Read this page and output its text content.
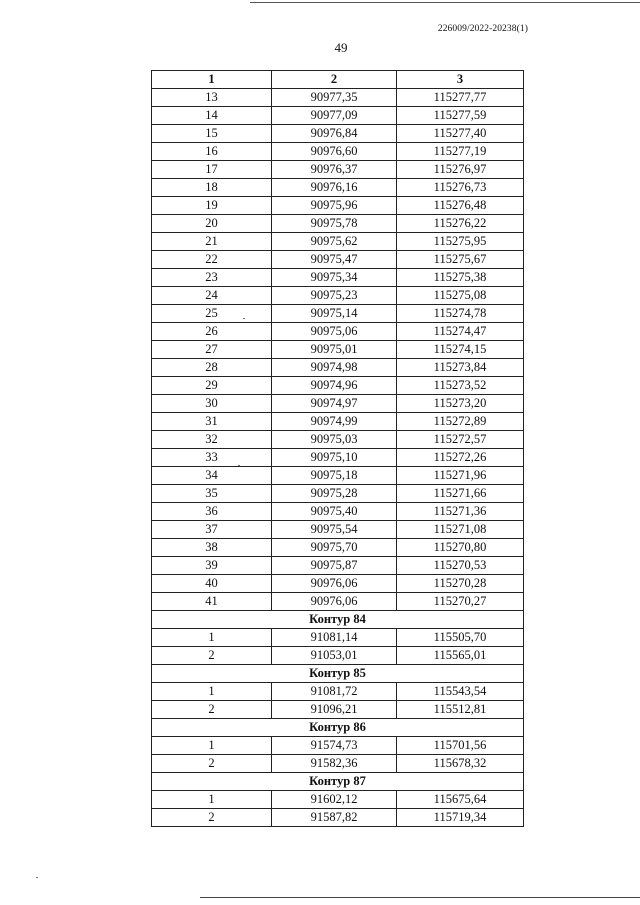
226009/2022-20238(1)
49
1	2	3
13	90977,35	115277,77
14	90977,09	115277,59
15	90976,84	115277,40
16	90976,60	115277,19
17	90976,37	115276,97
18	90976,16	115276,73
19	90975,96	115276,48
20	90975,78	115276,22
21	90975,62	115275,95
22	90975,47	115275,67
23	90975,34	115275,38
24	90975,23	115275,08
25	90975,14	115274,78
26	90975,06	115274,47
27	90975,01	115274,15
28	90974,98	115273,84
29	90974,96	115273,52
30	90974,97	115273,20
31	90974,99	115272,89
32	90975,03	115272,57
33	90975,10	115272,26
34	90975,18	115271,96
35	90975,28	115271,66
36	90975,40	115271,36
37	90975,54	115271,08
38	90975,70	115270,80
39	90975,87	115270,53
40	90976,06	115270,28
41	90976,06	115270,27
Контур 84		
1	91081,14	115505,70
2	91053,01	115565,01
Контур 85		
1	91081,72	115543,54
2	91096,21	115512,81
Контур 86		
1	91574,73	115701,56
2	91582,36	115678,32
Контур 87		
1	91602,12	115675,64
2	91587,82	115719,34
